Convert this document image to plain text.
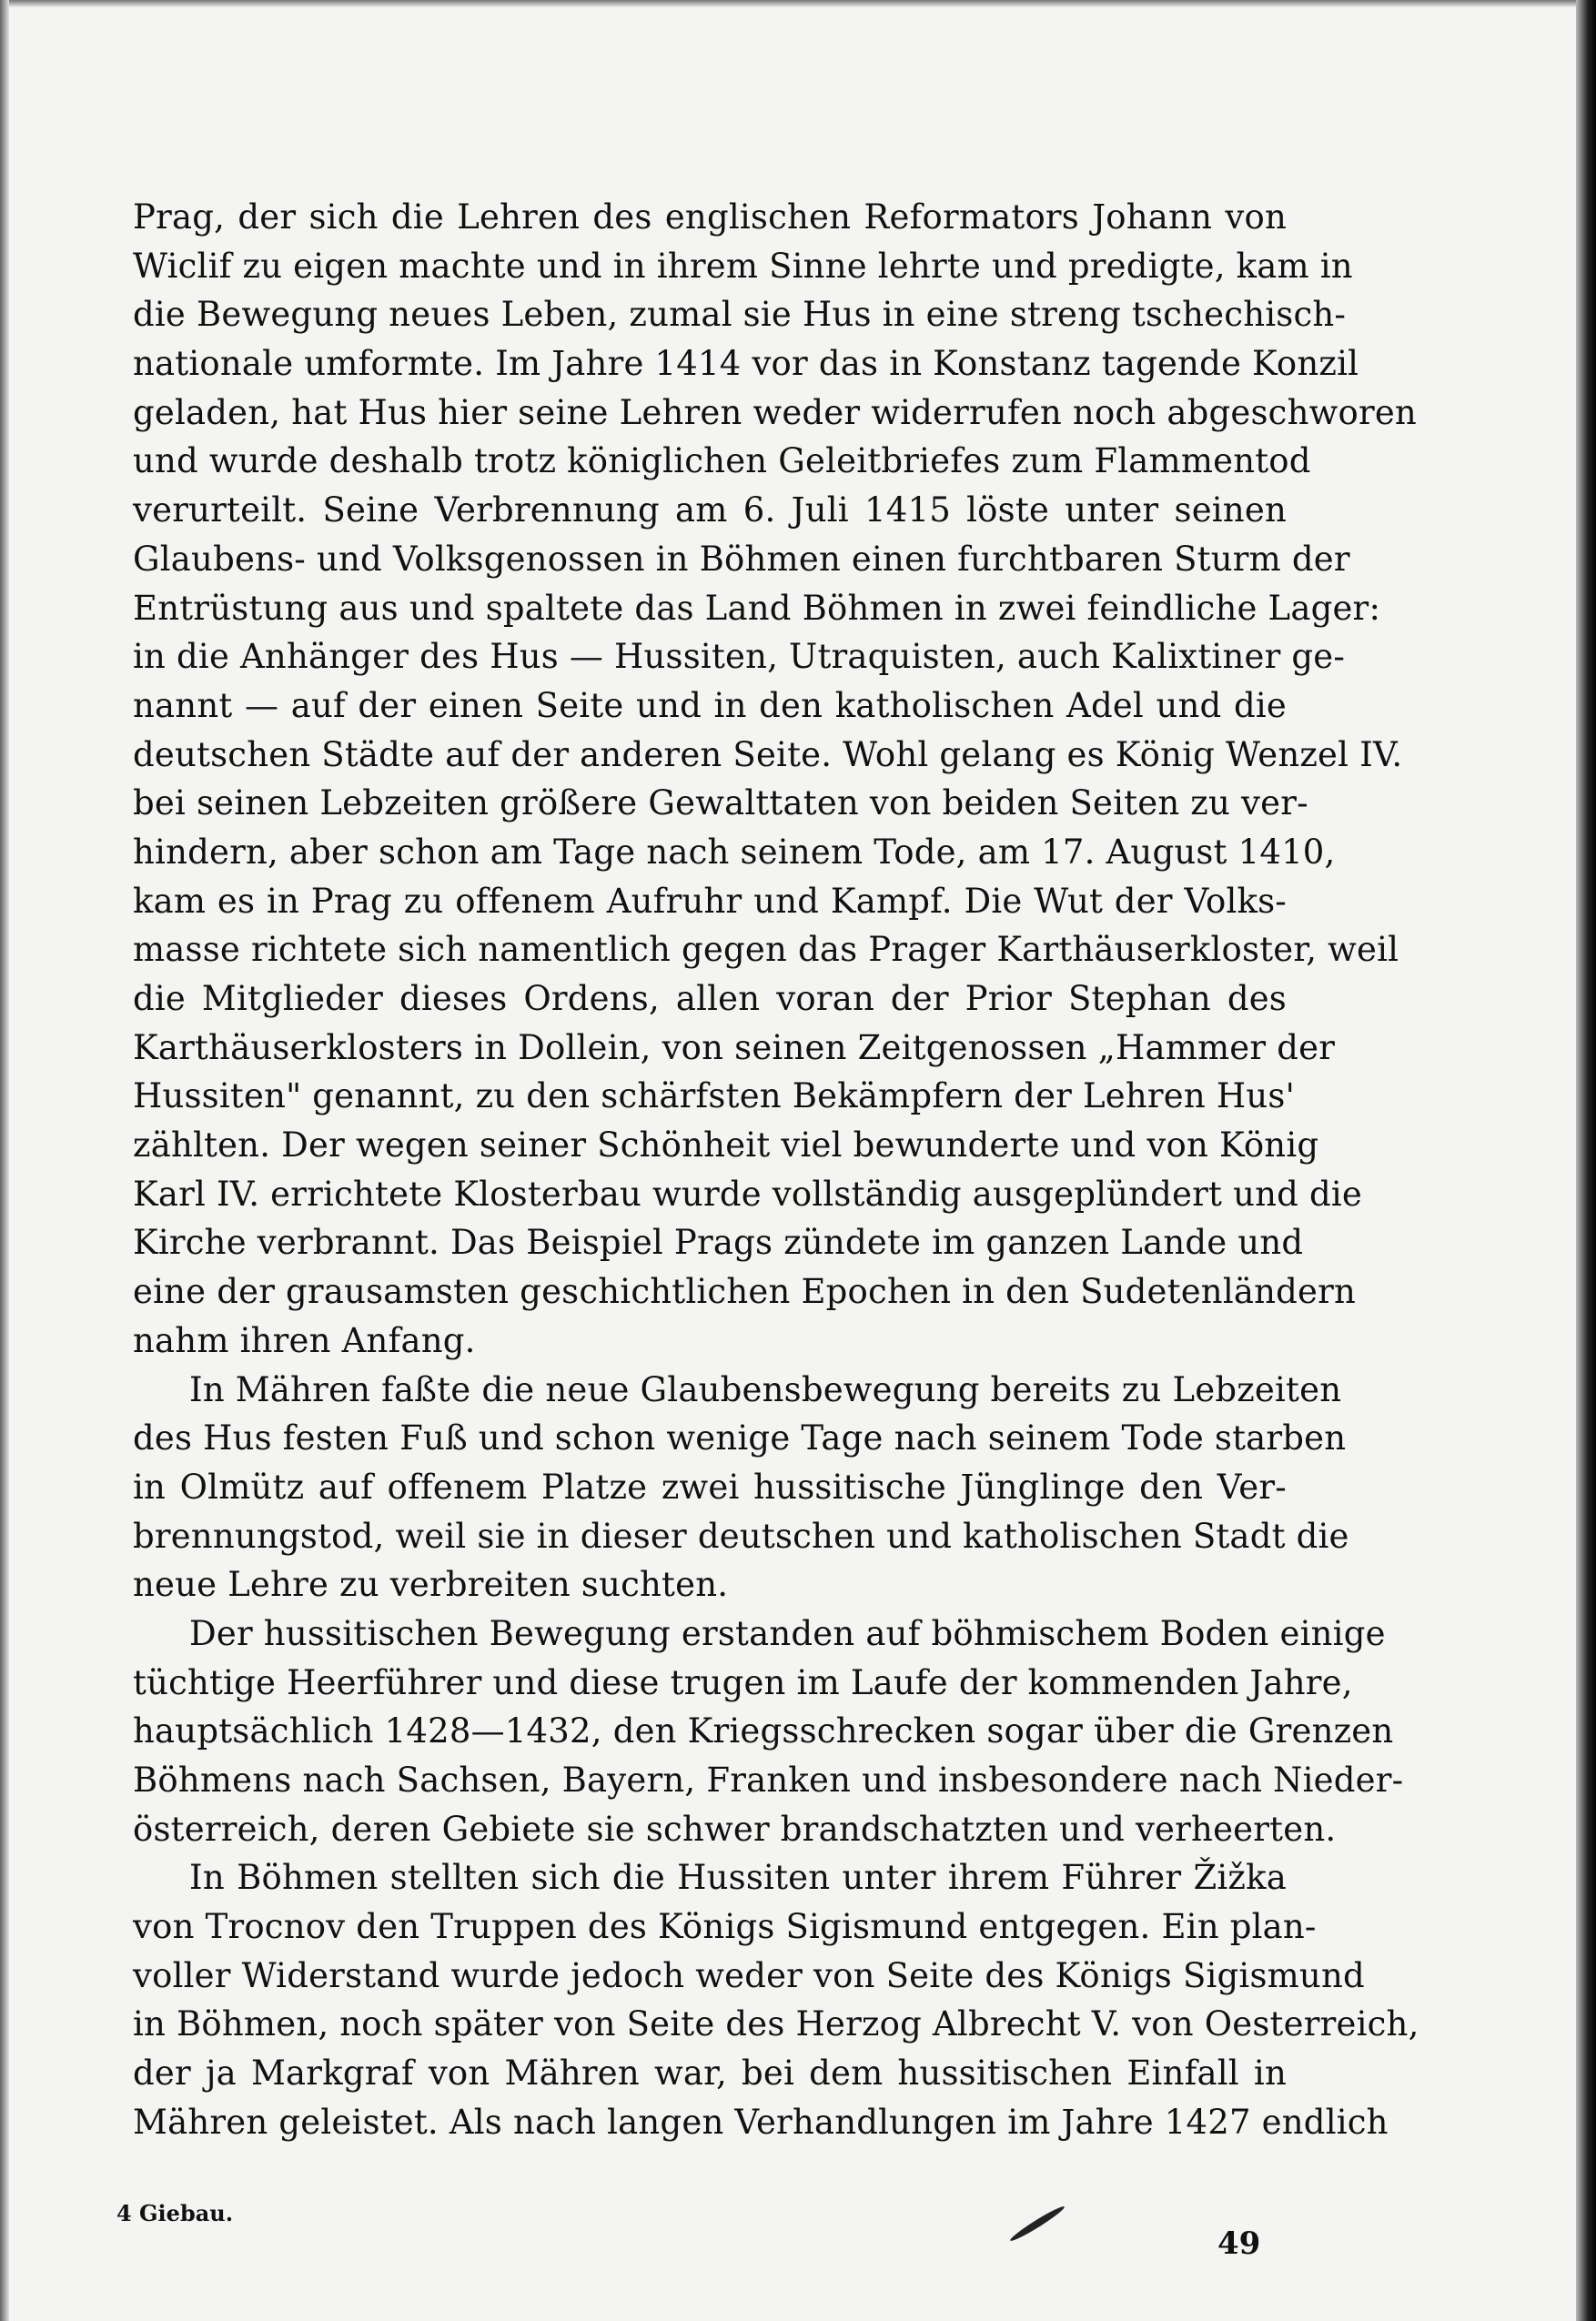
Prag, der sich die Lehren des englischen Reformators Johann von
Wiclif zu eigen machte und in ihrem Sinne lehrte und predigte, kam in
die Bewegung neues Leben, zumal sie Hus in eine streng tschechisch-
nationale umformte. Im Jahre 1414 vor das in Konstanz tagende Konzil
geladen, hat Hus hier seine Lehren weder widerrufen noch abgeschworen
und wurde deshalb trotz königlichen Geleitbriefes zum Flammentod
verurteilt. Seine Verbrennung am 6. Juli 1415 löste unter seinen
Glaubens- und Volksgenossen in Böhmen einen furchtbaren Sturm der
Entrüstung aus und spaltete das Land Böhmen in zwei feindliche Lager:
in die Anhänger des Hus — Hussiten, Utraquisten, auch Kalixtiner ge-
nannt — auf der einen Seite und in den katholischen Adel und die
deutschen Städte auf der anderen Seite. Wohl gelang es König Wenzel IV.
bei seinen Lebzeiten größere Gewalttaten von beiden Seiten zu ver-
hindern, aber schon am Tage nach seinem Tode, am 17. August 1410,
kam es in Prag zu offenem Aufruhr und Kampf. Die Wut der Volks-
masse richtete sich namentlich gegen das Prager Karthäuserkloster, weil
die Mitglieder dieses Ordens, allen voran der Prior Stephan des
Karthäuserklosters in Dollein, von seinen Zeitgenossen „Hammer der
Hussiten" genannt, zu den schärfsten Bekämpfern der Lehren Hus'
zählten. Der wegen seiner Schönheit viel bewunderte und von König
Karl IV. errichtete Klosterbau wurde vollständig ausgeplündert und die
Kirche verbrannt. Das Beispiel Prags zündete im ganzen Lande und
eine der grausamsten geschichtlichen Epochen in den Sudetenländern
nahm ihren Anfang.
In Mähren faßte die neue Glaubensbewegung bereits zu Lebzeiten
des Hus festen Fuß und schon wenige Tage nach seinem Tode starben
in Olmütz auf offenem Platze zwei hussitische Jünglinge den Ver-
brennungstod, weil sie in dieser deutschen und katholischen Stadt die
neue Lehre zu verbreiten suchten.
Der hussitischen Bewegung erstanden auf böhmischem Boden einige
tüchtige Heerführer und diese trugen im Laufe der kommenden Jahre,
hauptsächlich 1428—1432, den Kriegsschrecken sogar über die Grenzen
Böhmens nach Sachsen, Bayern, Franken und insbesondere nach Nieder-
österreich, deren Gebiete sie schwer brandschatzten und verheerten.
In Böhmen stellten sich die Hussiten unter ihrem Führer Žižka
von Trocnov den Truppen des Königs Sigismund entgegen. Ein plan-
voller Widerstand wurde jedoch weder von Seite des Königs Sigismund
in Böhmen, noch später von Seite des Herzog Albrecht V. von Oesterreich,
der ja Markgraf von Mähren war, bei dem hussitischen Einfall in
Mähren geleistet. Als nach langen Verhandlungen im Jahre 1427 endlich
4 Giebau.
49
